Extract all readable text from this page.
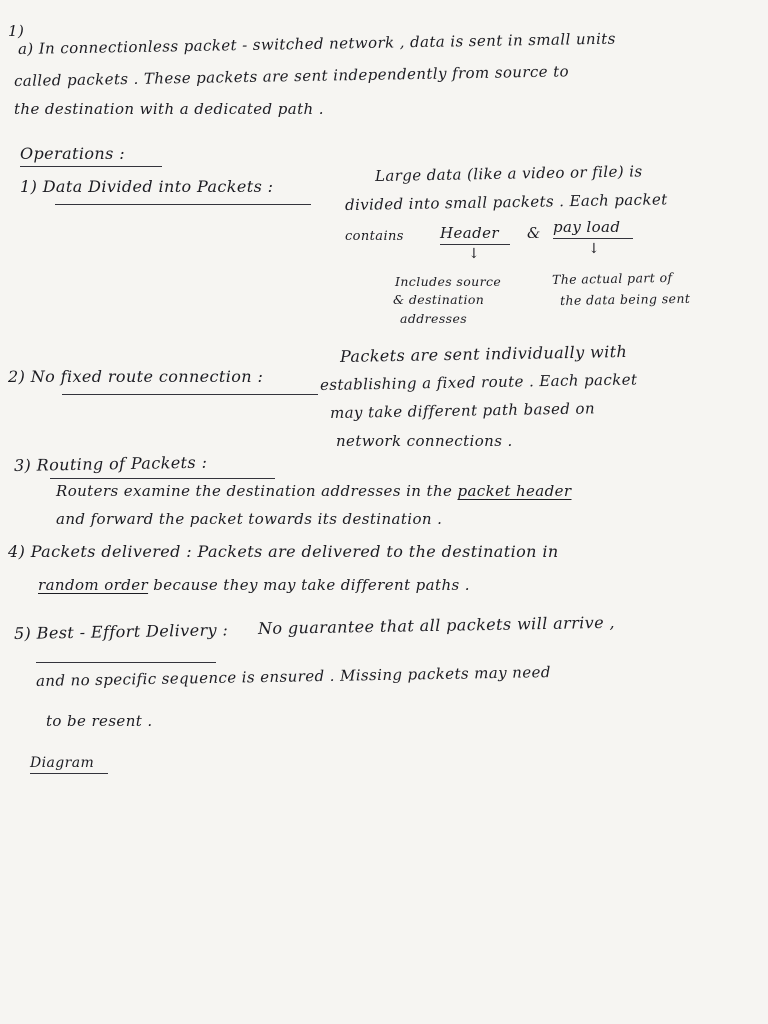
1)
a) In connectionless packet - switched network , data is sent in small units
called packets . These packets are sent independently from source to
the destination with a dedicated path .
Operations :
1) Data Divided into Packets :
Large data (like a video or file) is
divided into small packets . Each packet
contains Header & pay load
↓	↓
Includes source
& destination
addresses
The actual part of
the data being sent
2) No fixed route connection :
Packets are sent individually with
establishing a fixed route . Each packet
may take different path based on
network connections .
3) Routing of Packets :
Routers examine the destination addresses in the packet header
and forward the packet towards its destination .
4) Packets delivered : Packets are delivered to the destination in
random order because they may take different paths .
5) Best - Effort Delivery : No guarantee that all packets will arrive ,
and no specific sequence is ensured . Missing packets may need
to be resent .
Diagram
